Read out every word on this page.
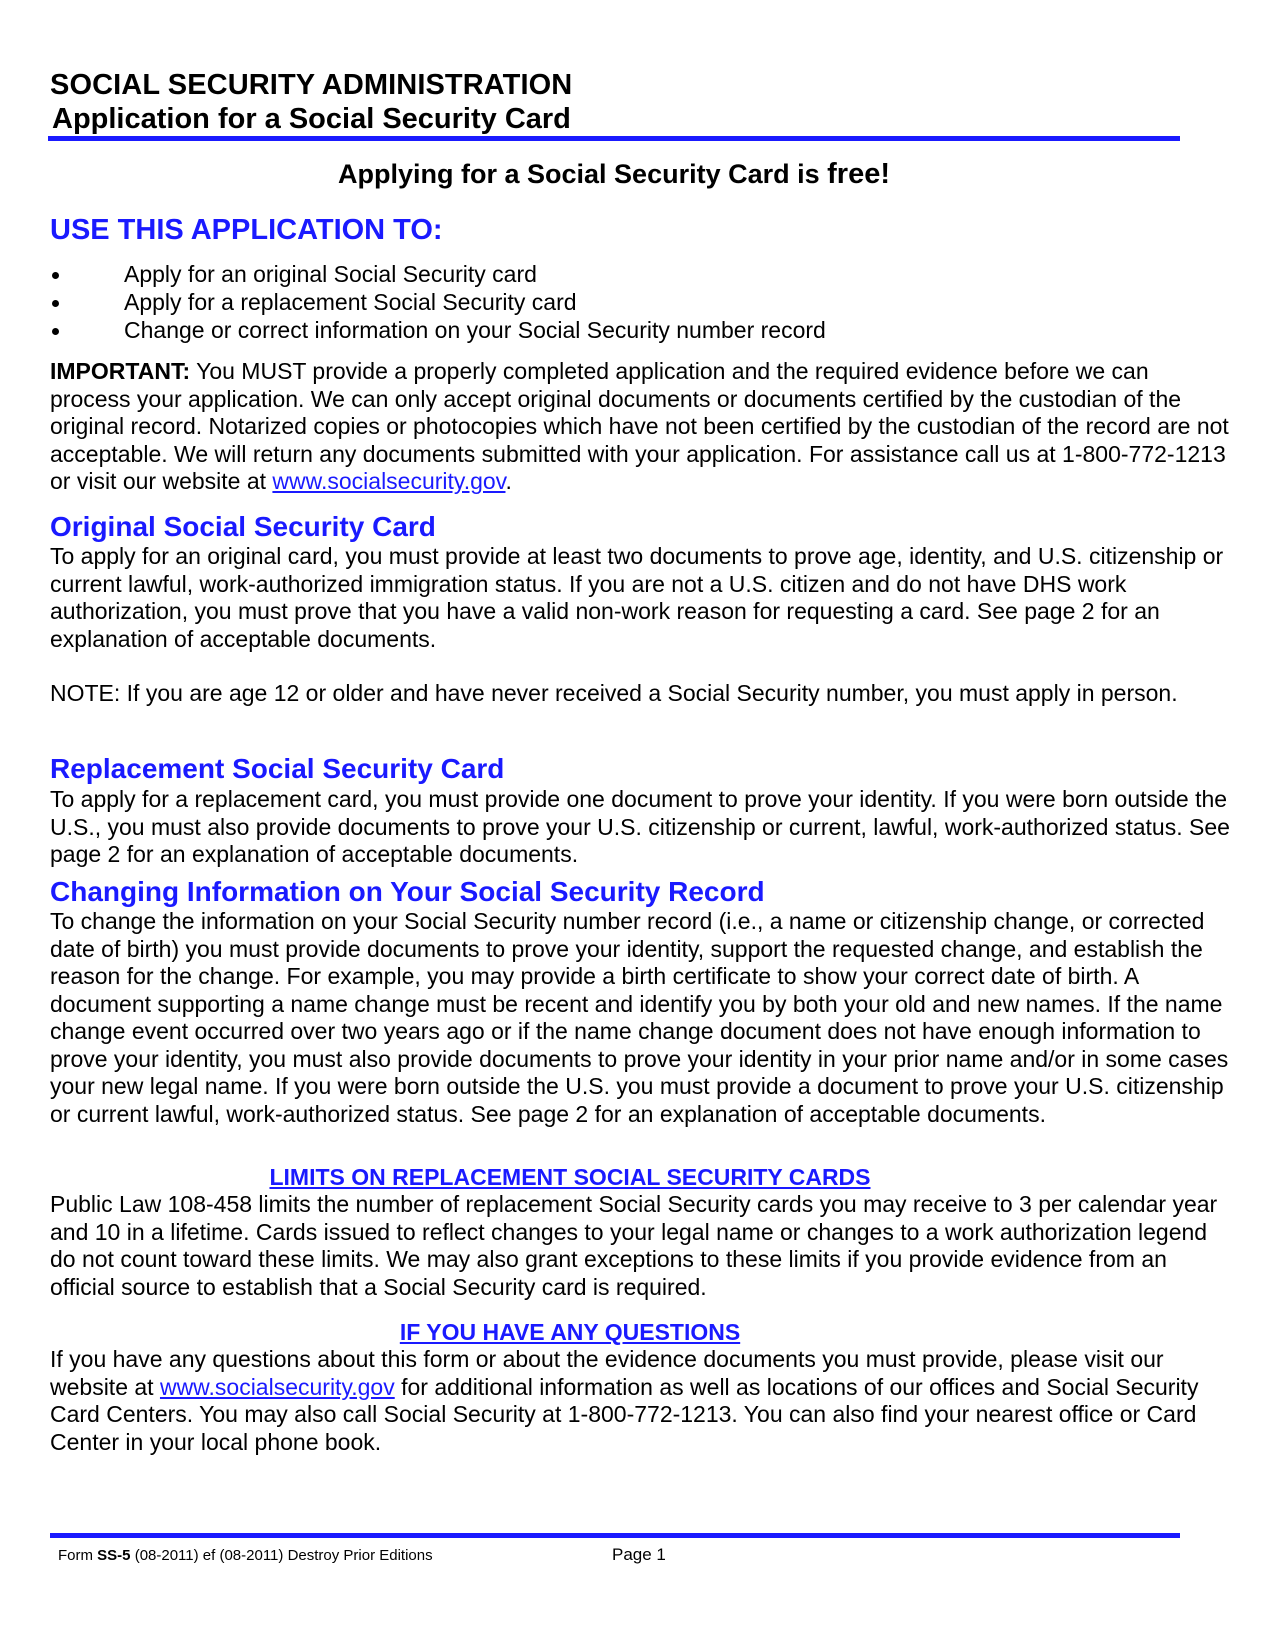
SOCIAL SECURITY ADMINISTRATION
Application for a Social Security Card
Applying for a Social Security Card is free!
USE THIS APPLICATION TO:
Apply for an original Social Security card
Apply for a replacement Social Security card
Change or correct information on your Social Security number record

IMPORTANT: You MUST provide a properly completed application and the required evidence before we can process your application. We can only accept original documents or documents certified by the custodian of the original record. Notarized copies or photocopies which have not been certified by the custodian of the record are not acceptable. We will return any documents submitted with your application. For assistance call us at 1-800-772-1213 or visit our website at www.socialsecurity.gov.

Original Social Security Card

To apply for an original card, you must provide at least two documents to prove age, identity, and U.S. citizenship or current lawful, work-authorized immigration status. If you are not a U.S. citizen and do not have DHS work authorization, you must prove that you have a valid non-work reason for requesting a card. See page 2 for an explanation of acceptable documents.

NOTE: If you are age 12 or older and have never received a Social Security number, you must apply in person.

Replacement Social Security Card

To apply for a replacement card, you must provide one document to prove your identity. If you were born outside the U.S., you must also provide documents to prove your U.S. citizenship or current, lawful, work-authorized status. See page 2 for an explanation of acceptable documents.

Changing Information on Your Social Security Record

To change the information on your Social Security number record (i.e., a name or citizenship change, or corrected date of birth) you must provide documents to prove your identity, support the requested change, and establish the reason for the change. For example, you may provide a birth certificate to show your correct date of birth. A document supporting a name change must be recent and identify you by both your old and new names. If the name change event occurred over two years ago or if the name change document does not have enough information to prove your identity, you must also provide documents to prove your identity in your prior name and/or in some cases your new legal name. If you were born outside the U.S. you must provide a document to prove your U.S. citizenship or current lawful, work-authorized status. See page 2 for an explanation of acceptable documents.

LIMITS ON REPLACEMENT SOCIAL SECURITY CARDS

Public Law 108-458 limits the number of replacement Social Security cards you may receive to 3 per calendar year and 10 in a lifetime. Cards issued to reflect changes to your legal name or changes to a work authorization legend do not count toward these limits. We may also grant exceptions to these limits if you provide evidence from an official source to establish that a Social Security card is required.

IF YOU HAVE ANY QUESTIONS

If you have any questions about this form or about the evidence documents you must provide, please visit our website at www.socialsecurity.gov for additional information as well as locations of our offices and Social Security Card Centers. You may also call Social Security at 1-800-772-1213. You can also find your nearest office or Card Center in your local phone book.

Form SS-5 (08-2011) ef (08-2011) Destroy Prior Editions	Page 1
